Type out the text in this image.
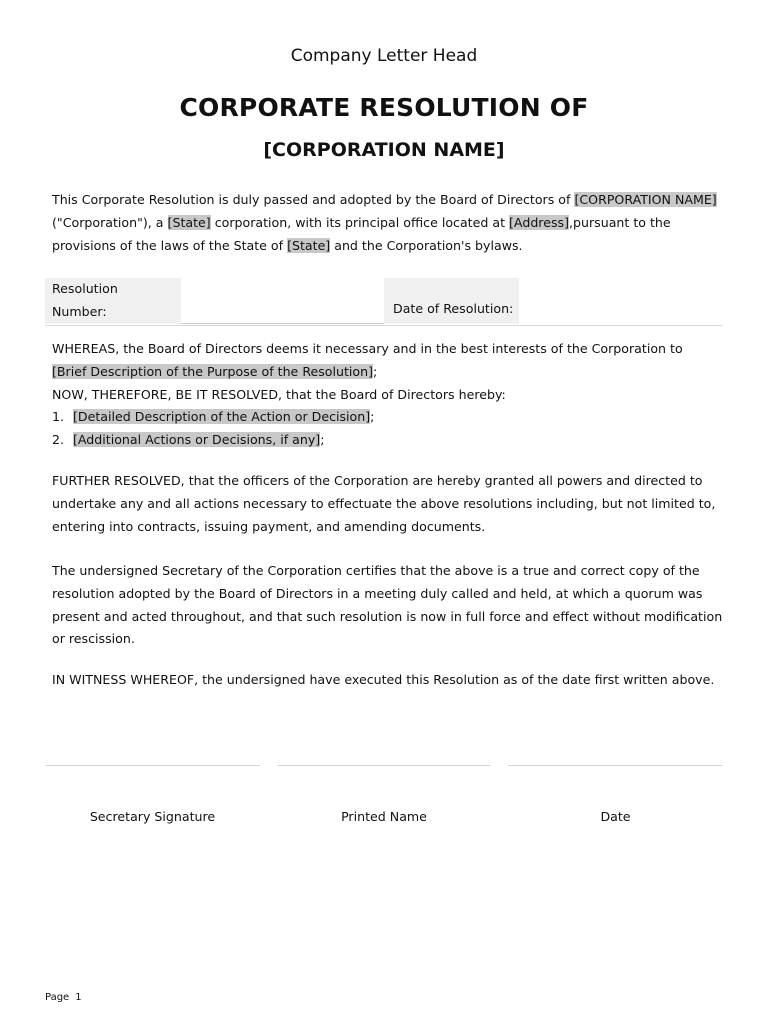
Company Letter Head
CORPORATE RESOLUTION OF
[CORPORATION NAME]

This Corporate Resolution is duly passed and adopted by the Board of Directors of [CORPORATION NAME]
("Corporation"), a [State] corporation, with its principal office located at [Address],pursuant to the provisions of the laws of the State of [State] and the Corporation's bylaws.

Resolution
Number:	Date of Resolution:
WHEREAS, the Board of Directors deems it necessary and in the best interests of the Corporation to
[Brief Description of the Purpose of the Resolution];
NOW, THEREFORE, BE IT RESOLVED, that the Board of Directors hereby:
1. [Detailed Description of the Action or Decision];
2. [Additional Actions or Decisions, if any];

FURTHER RESOLVED, that the officers of the Corporation are hereby granted all powers and directed to undertake any and all actions necessary to effectuate the above resolutions including, but not limited to, entering into contracts, issuing payment, and amending documents.

The undersigned Secretary of the Corporation certifies that the above is a true and correct copy of the resolution adopted by the Board of Directors in a meeting duly called and held, at which a quorum was present and acted throughout, and that such resolution is now in full force and effect without modification or rescission.

IN WITNESS WHEREOF, the undersigned have executed this Resolution as of the date first written above.

Secretary Signature	Printed Name	Date
Page 1
